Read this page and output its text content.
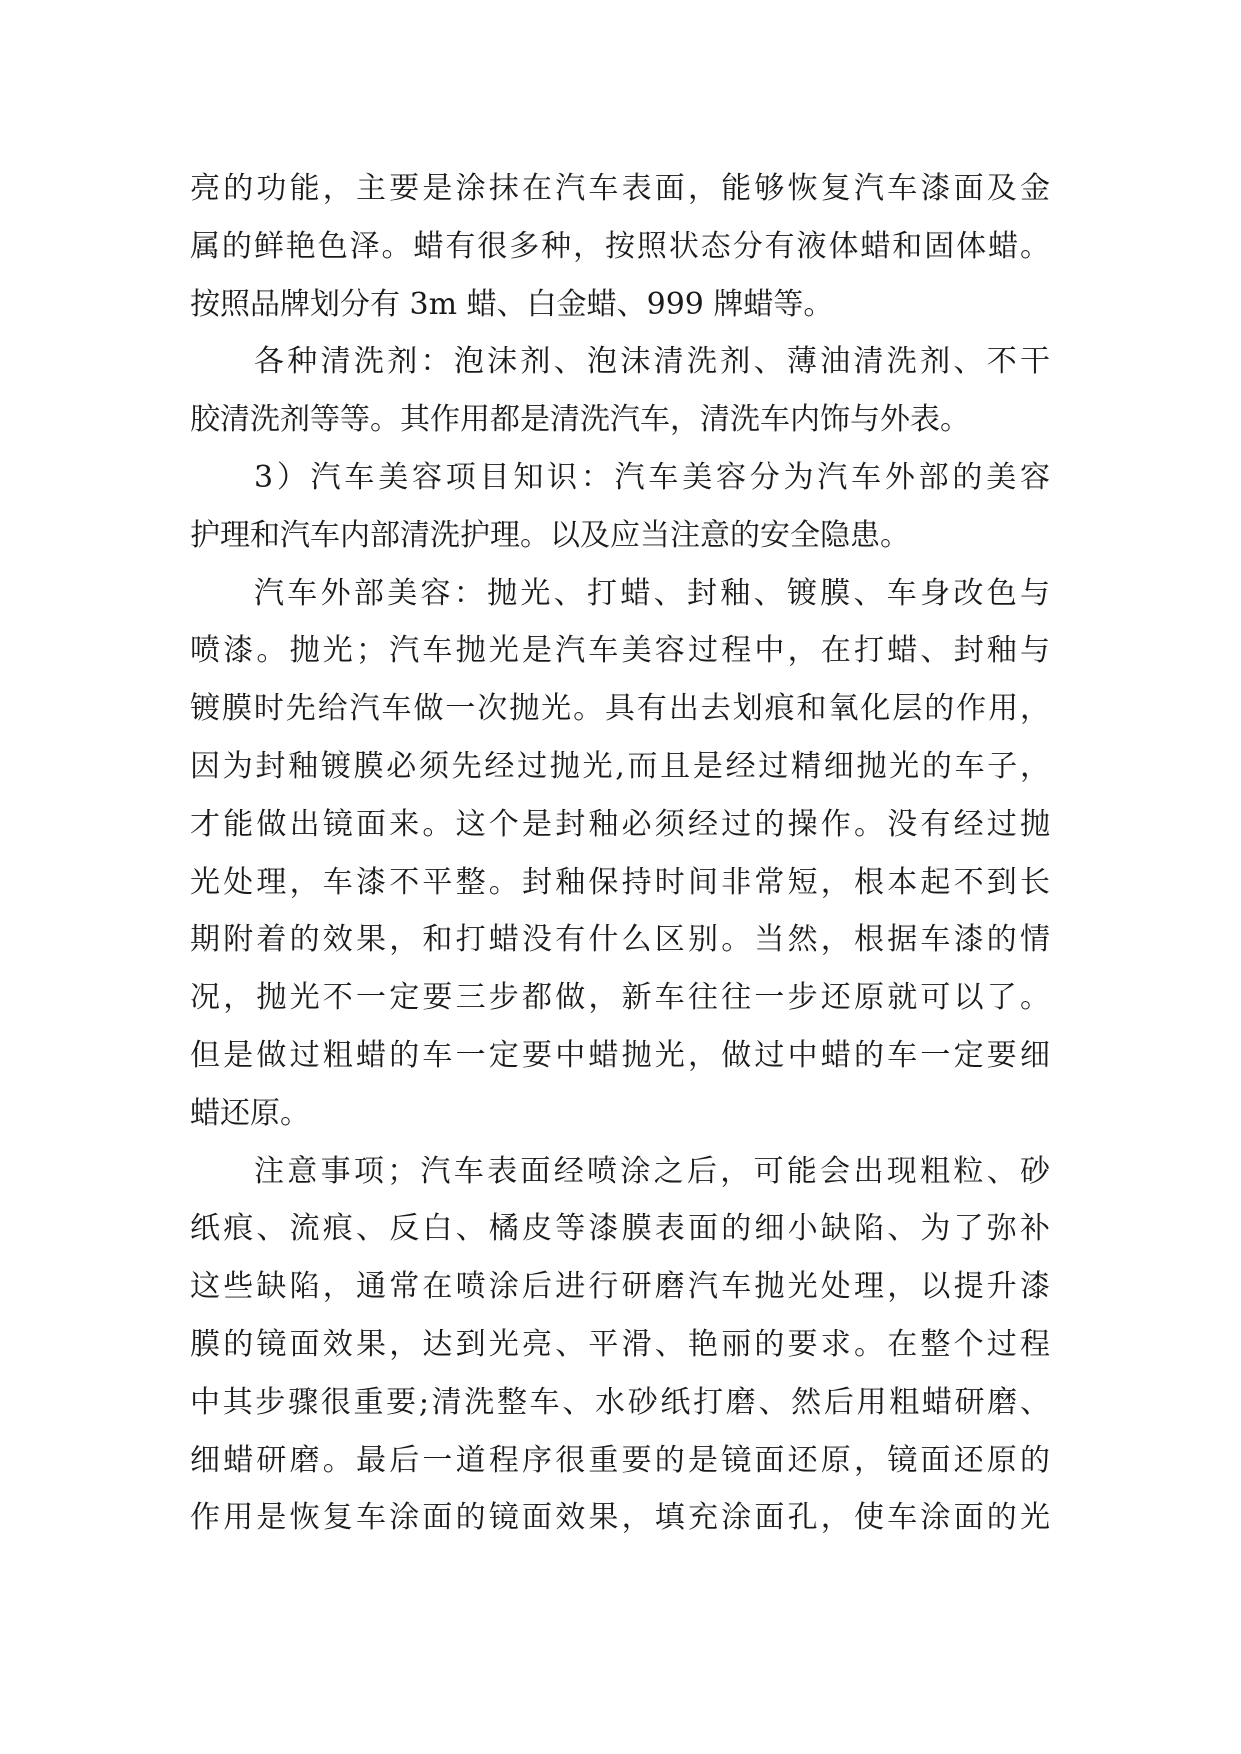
亮的功能，主要是涂抹在汽车表面，能够恢复汽车漆面及金
属的鲜艳色泽。蜡有很多种，按照状态分有液体蜡和固体蜡。
按照品牌划分有 3m 蜡、白金蜡、999 牌蜡等。
各种清洗剂：泡沫剂、泡沫清洗剂、薄油清洗剂、不干
胶清洗剂等等。其作用都是清洗汽车，清洗车内饰与外表。
3）汽车美容项目知识：汽车美容分为汽车外部的美容
护理和汽车内部清洗护理。以及应当注意的安全隐患。
汽车外部美容：抛光、打蜡、封釉、镀膜、车身改色与
喷漆。抛光；汽车抛光是汽车美容过程中，在打蜡、封釉与
镀膜时先给汽车做一次抛光。具有出去划痕和氧化层的作用，
因为封釉镀膜必须先经过抛光,而且是经过精细抛光的车子，
才能做出镜面来。这个是封釉必须经过的操作。没有经过抛
光处理，车漆不平整。封釉保持时间非常短，根本起不到长
期附着的效果，和打蜡没有什么区别。当然，根据车漆的情
况，抛光不一定要三步都做，新车往往一步还原就可以了。
但是做过粗蜡的车一定要中蜡抛光，做过中蜡的车一定要细
蜡还原。
注意事项；汽车表面经喷涂之后，可能会出现粗粒、砂
纸痕、流痕、反白、橘皮等漆膜表面的细小缺陷、为了弥补
这些缺陷，通常在喷涂后进行研磨汽车抛光处理，以提升漆
膜的镜面效果，达到光亮、平滑、艳丽的要求。在整个过程
中其步骤很重要;清洗整车、水砂纸打磨、然后用粗蜡研磨、
细蜡研磨。最后一道程序很重要的是镜面还原，镜面还原的
作用是恢复车涂面的镜面效果，填充涂面孔，使车涂面的光
